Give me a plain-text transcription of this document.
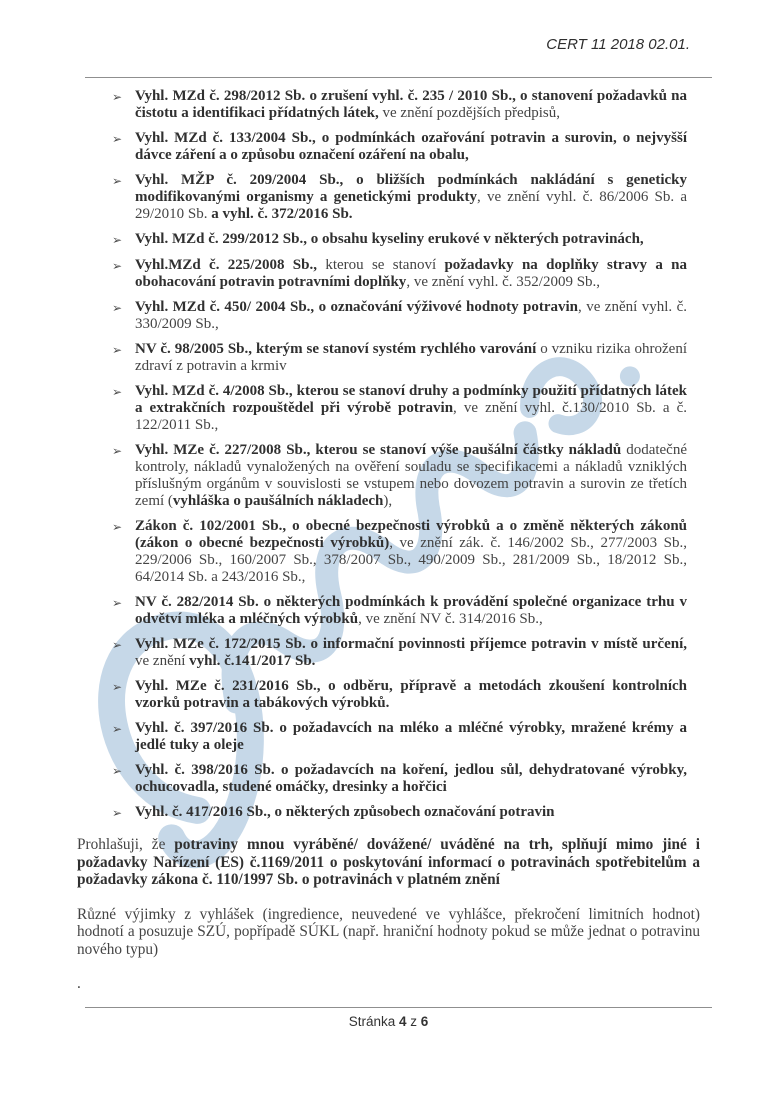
CERT 11 2018 02.01.
➢ Vyhl. MZd č. 298/2012 Sb. o zrušení vyhl. č. 235 / 2010 Sb., o stanovení požadavků na čistotu a identifikaci přídatných látek, ve znění pozdějších předpisů,
➢ Vyhl. MZd č. 133/2004 Sb., o podmínkách ozařování potravin a surovin, o nejvyšší dávce záření a o způsobu označení ozáření na obalu,
➢ Vyhl. MŽP č. 209/2004 Sb., o bližších podmínkách nakládání s geneticky modifikovanými organismy a genetickými produkty, ve znění vyhl. č. 86/2006 Sb. a 29/2010 Sb. a vyhl. č. 372/2016 Sb.
➢ Vyhl. MZd č. 299/2012 Sb., o obsahu kyseliny erukové v některých potravinách,
➢ Vyhl.MZd č. 225/2008 Sb., kterou se stanoví požadavky na doplňky stravy a na obohacování potravin potravními doplňky, ve znění vyhl. č. 352/2009 Sb.,
➢ Vyhl. MZd č. 450/ 2004 Sb., o označování výživové hodnoty potravin, ve znění vyhl. č. 330/2009 Sb.,
➢ NV č. 98/2005 Sb., kterým se stanoví systém rychlého varování o vzniku rizika ohrožení zdraví z potravin a krmiv
➢ Vyhl. MZd č. 4/2008 Sb., kterou se stanoví druhy a podmínky použití přídatných látek a extrakčních rozpouštědel při výrobě potravin, ve znění vyhl. č.130/2010 Sb. a č. 122/2011 Sb.,
➢ Vyhl. MZe č. 227/2008 Sb., kterou se stanoví výše paušální částky nákladů dodatečné kontroly, nákladů vynaložených na ověření souladu se specifikacemi a nákladů vzniklých příslušným orgánům v souvislosti se vstupem nebo dovozem potravin a surovin ze třetích zemí (vyhláška o paušálních nákladech),
➢ Zákon č. 102/2001 Sb., o obecné bezpečnosti výrobků a o změně některých zákonů (zákon o obecné bezpečnosti výrobků), ve znění zák. č. 146/2002 Sb., 277/2003 Sb., 229/2006 Sb., 160/2007 Sb., 378/2007 Sb., 490/2009 Sb., 281/2009 Sb., 18/2012 Sb., 64/2014 Sb. a 243/2016 Sb.,
➢ NV č. 282/2014 Sb. o některých podmínkách k provádění společné organizace trhu v odvětví mléka a mléčných výrobků, ve znění NV č. 314/2016 Sb.,
➢ Vyhl. MZe č. 172/2015 Sb. o informační povinnosti příjemce potravin v místě určení, ve znění vyhl. č.141/2017 Sb.
➢ Vyhl. MZe č. 231/2016 Sb., o odběru, přípravě a metodách zkoušení kontrolních vzorků potravin a tabákových výrobků.
➢ Vyhl. č. 397/2016 Sb. o požadavcích na mléko a mléčné výrobky, mražené krémy a jedlé tuky a oleje
➢ Vyhl. č. 398/2016 Sb. o požadavcích na koření, jedlou sůl, dehydratované výrobky, ochucovadla, studené omáčky, dresinky a hořčici
➢ Vyhl. č. 417/2016 Sb., o některých způsobech označování potravin

Prohlašuji, že potraviny mnou vyráběné/ dovážené/ uváděné na trh, splňují mimo jiné i požadavky Nařízení (ES) č.1169/2011 o poskytování informací o potravinách spotřebitelům a požadavky zákona č. 110/1997 Sb. o potravinách v platném znění

Různé výjimky z vyhlášek (ingredience, neuvedené ve vyhlášce, překročení limitních hodnot) hodnotí a posuzuje SZÚ, popřípadě SÚKL (např. hraniční hodnoty pokud se může jednat o potravinu nového typu)

.

Stránka 4 z 6
